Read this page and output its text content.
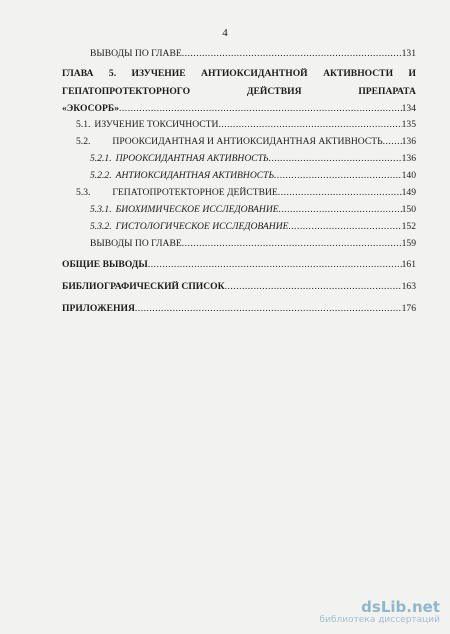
4
ВЫВОДЫ ПО ГЛАВЕ .....	131
ГЛАВА 5. ИЗУЧЕНИЕ АНТИОКСИДАНТНОЙ АКТИВНОСТИ И
ГЕПАТОПРОТЕКТОРНОГО	ДЕЙСТВИЯ	ПРЕПАРАТА
«ЭКОСОРБ» .....	134
5.1. ИЗУЧЕНИЕ ТОКСИЧНОСТИ .....	135
5.2. ПРООКСИДАНТНАЯ И АНТИОКСИДАНТНАЯ АКТИВНОСТЬ ..... 136
5.2.1. ПРООКСИДАНТНАЯ АКТИВНОСТЬ .....	136
5.2.2. АНТИОКСИДАНТНАЯ АКТИВНОСТЬ .....	140
5.3. ГЕПАТОПРОТЕКТОРНОЕ ДЕЙСТВИЕ .....	149
5.3.1. БИОХИМИЧЕСКОЕ ИССЛЕДОВАНИЕ .....	150
5.3.2. ГИСТОЛОГИЧЕСКОЕ ИССЛЕДОВАНИЕ .....	152
ВЫВОДЫ ПО ГЛАВЕ .....	159
ОБЩИЕ ВЫВОДЫ .....	161
БИБЛИОГРАФИЧЕСКИЙ СПИСОК .....	163
ПРИЛОЖЕНИЯ .....	176
dsLib.net
библиотека диссертаций
